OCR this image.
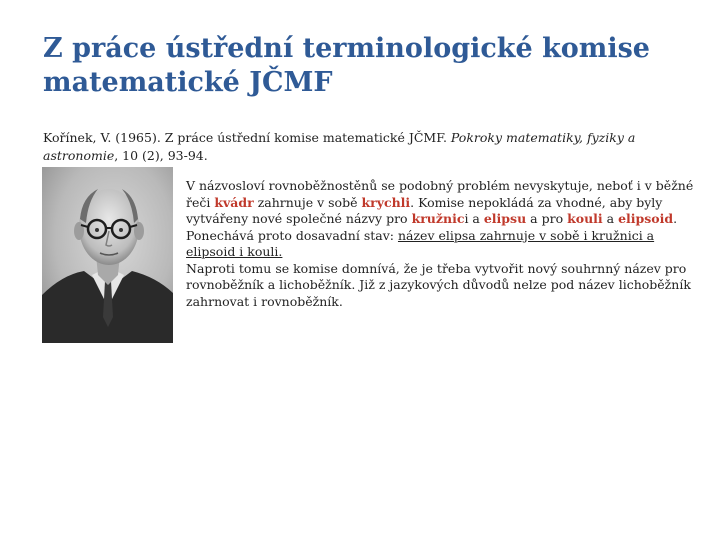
Z práce ústřední terminologické komise
matematické JČMF
Kořínek, V. (1965). Z práce ústřední komise matematické JČMF. Pokroky matematiky, fyziky a
astronomie, 10 (2), 93-94.
V názvosloví rovnoběžnostěnů se podobný problém nevyskytuje, neboť i v běžné
řeči kvádr zahrnuje v sobě krychli. Komise nepokládá za vhodné, aby byly
vytvářeny nové společné názvy pro kružnici a elipsu a pro kouli a elipsoid.
Ponechává proto dosavadní stav: název elipsa zahrnuje v sobě i kružnici a
elipsoid i kouli.
Naproti tomu se komise domnívá, že je třeba vytvořit nový souhrnný název pro
rovnoběžník a lichoběžník. Již z jazykových důvodů nelze pod název lichoběžník
zahrnovat i rovnoběžník.
